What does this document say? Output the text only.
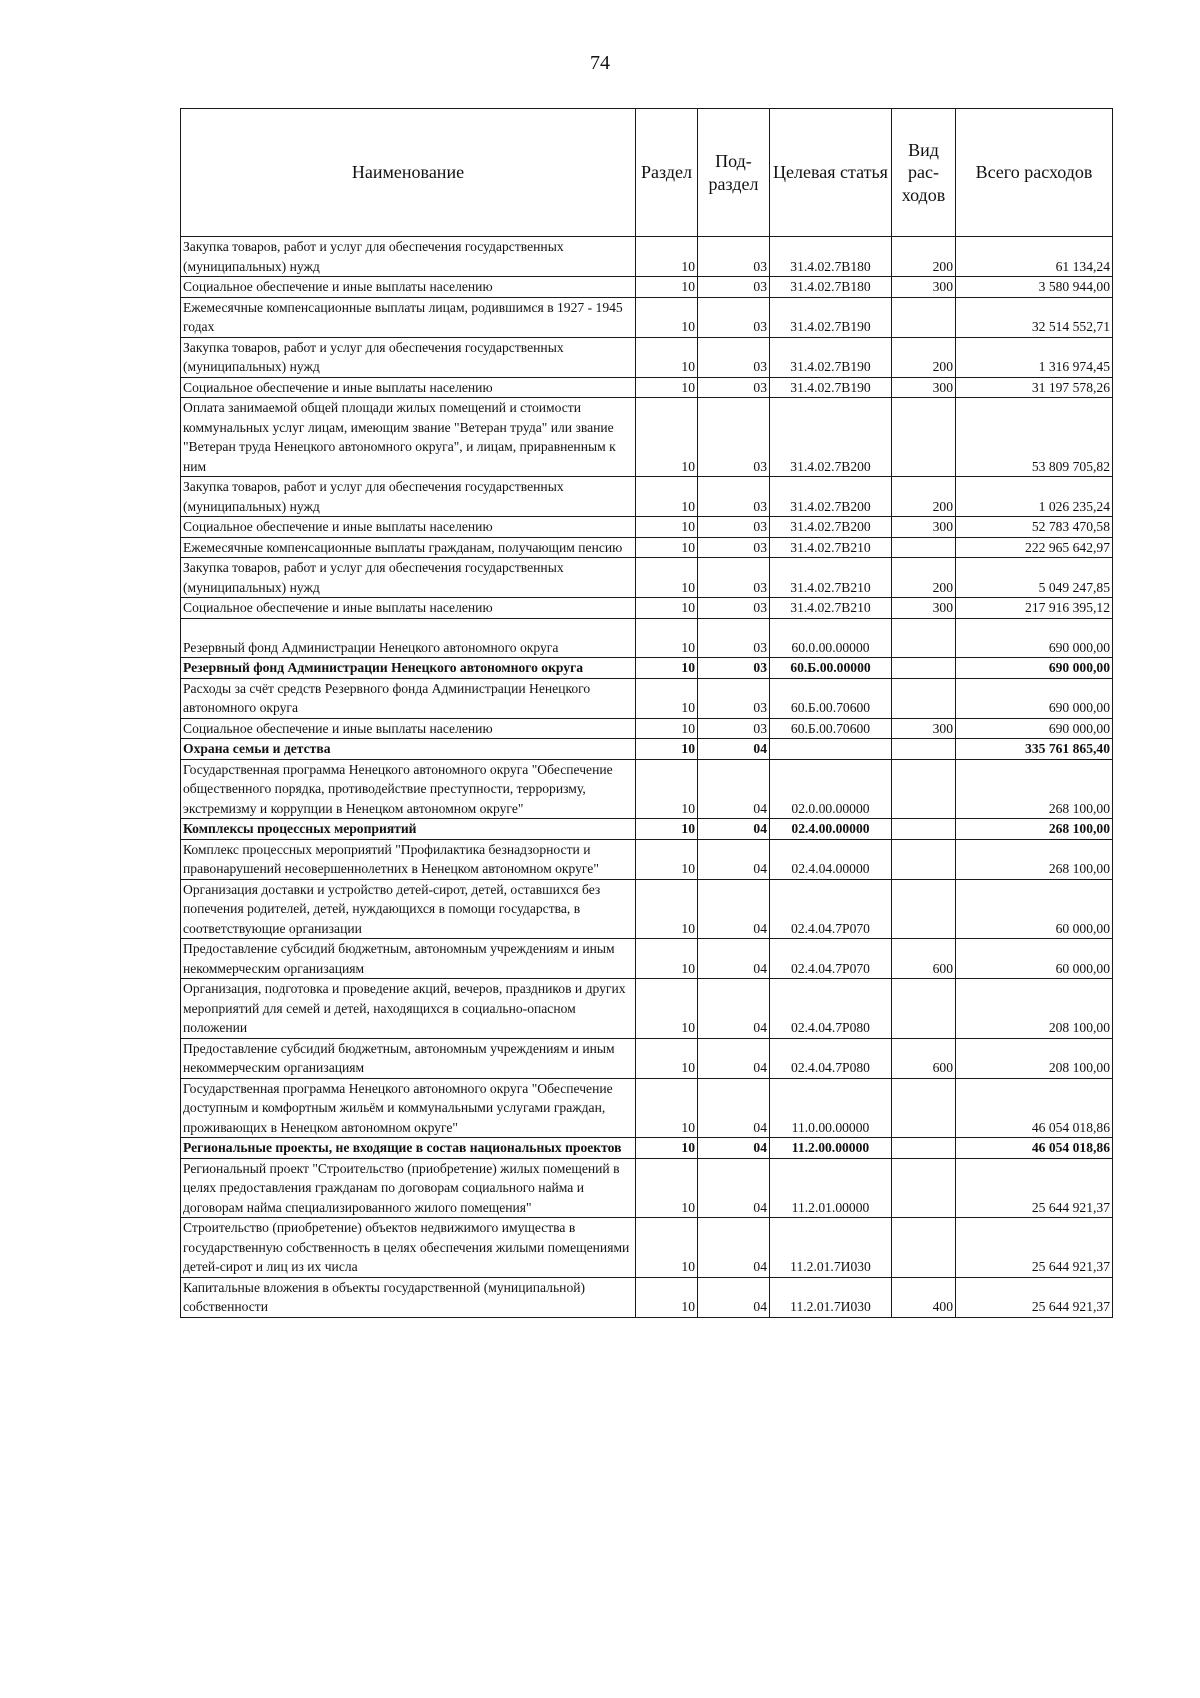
74
Наименование	Раздел	Под-раздел	Целевая статья	Вид рас-ходов	Всего расходов
Закупка товаров, работ и услуг для обеспечения государственных (муниципальных) нужд	10	03	31.4.02.7В180	200	61 134,24
Социальное обеспечение и иные выплаты населению	10	03	31.4.02.7В180	300	3 580 944,00
Ежемесячные компенсационные выплаты лицам, родившимся в 1927 - 1945 годах	10	03	31.4.02.7В190		32 514 552,71
Закупка товаров, работ и услуг для обеспечения государственных (муниципальных) нужд	10	03	31.4.02.7В190	200	1 316 974,45
Социальное обеспечение и иные выплаты населению	10	03	31.4.02.7В190	300	31 197 578,26
Оплата занимаемой общей площади жилых помещений и стоимости коммунальных услуг лицам, имеющим звание "Ветеран труда" или звание "Ветеран труда Ненецкого автономного округа", и лицам, приравненным к ним	10	03	31.4.02.7В200		53 809 705,82
Закупка товаров, работ и услуг для обеспечения государственных (муниципальных) нужд	10	03	31.4.02.7В200	200	1 026 235,24
Социальное обеспечение и иные выплаты населению	10	03	31.4.02.7В200	300	52 783 470,58
Ежемесячные компенсационные выплаты гражданам, получающим пенсию	10	03	31.4.02.7В210		222 965 642,97
Закупка товаров, работ и услуг для обеспечения государственных (муниципальных) нужд	10	03	31.4.02.7В210	200	5 049 247,85
Социальное обеспечение и иные выплаты населению	10	03	31.4.02.7В210	300	217 916 395,12
Резервный фонд Администрации Ненецкого автономного округа	10	03	60.0.00.00000		690 000,00
Резервный фонд Администрации Ненецкого автономного округа	10	03	60.Б.00.00000		690 000,00
Расходы за счёт средств Резервного фонда Администрации Ненецкого автономного округа	10	03	60.Б.00.70600		690 000,00
Социальное обеспечение и иные выплаты населению	10	03	60.Б.00.70600	300	690 000,00
Охрана семьи и детства	10	04			335 761 865,40
Государственная программа Ненецкого автономного округа "Обеспечение общественного порядка, противодействие преступности, терроризму, экстремизму и коррупции в Ненецком автономном округе"	10	04	02.0.00.00000		268 100,00
Комплексы процессных мероприятий	10	04	02.4.00.00000		268 100,00
Комплекс процессных мероприятий "Профилактика безнадзорности и правонарушений несовершеннолетних в Ненецком автономном округе"	10	04	02.4.04.00000		268 100,00
Организация доставки и устройство детей-сирот, детей, оставшихся без попечения родителей, детей, нуждающихся в помощи государства, в соответствующие организации	10	04	02.4.04.7Р070		60 000,00
Предоставление субсидий бюджетным, автономным учреждениям и иным некоммерческим организациям	10	04	02.4.04.7Р070	600	60 000,00
Организация, подготовка и проведение акций, вечеров, праздников и других мероприятий для семей и детей, находящихся в социально-опасном положении	10	04	02.4.04.7Р080		208 100,00
Предоставление субсидий бюджетным, автономным учреждениям и иным некоммерческим организациям	10	04	02.4.04.7Р080	600	208 100,00
Государственная программа Ненецкого автономного округа "Обеспечение доступным и комфортным жильём и коммунальными услугами граждан, проживающих в Ненецком автономном округе"	10	04	11.0.00.00000		46 054 018,86
Региональные проекты, не входящие в состав национальных проектов	10	04	11.2.00.00000		46 054 018,86
Региональный проект "Строительство (приобретение) жилых помещений в целях предоставления гражданам по договорам социального найма и договорам найма специализированного жилого помещения"	10	04	11.2.01.00000		25 644 921,37
Строительство (приобретение) объектов недвижимого имущества в государственную собственность в целях обеспечения жилыми помещениями детей-сирот и лиц из их числа	10	04	11.2.01.7И030		25 644 921,37
Капитальные вложения в объекты государственной (муниципальной) собственности	10	04	11.2.01.7И030	400	25 644 921,37
